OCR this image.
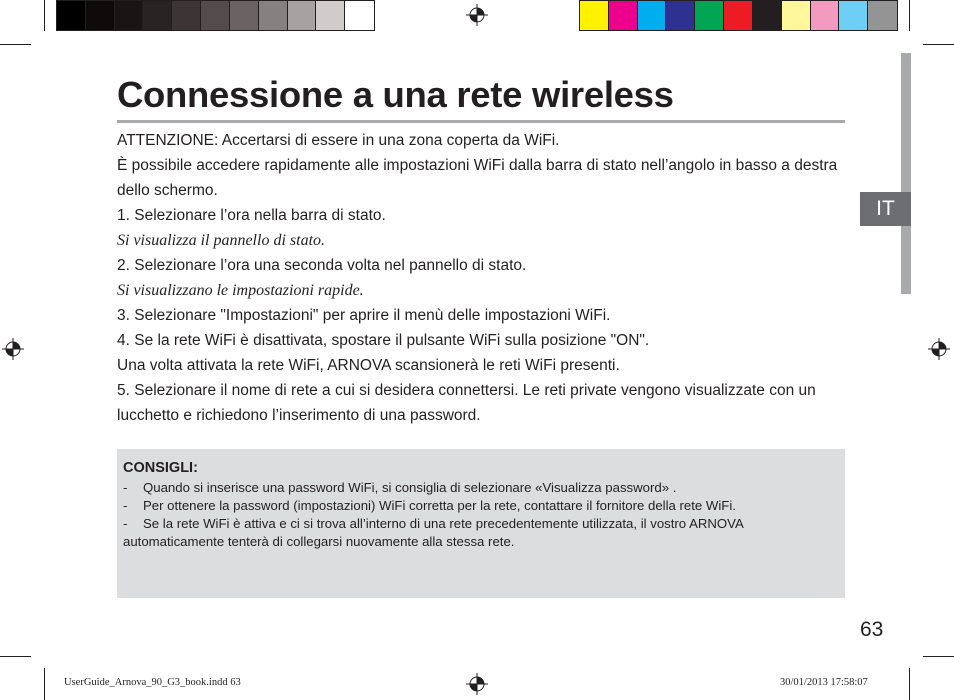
IT
Connessione a una rete wireless

ATTENZIONE: Accertarsi di essere in una zona coperta da WiFi.

È possibile accedere rapidamente alle impostazioni WiFi dalla barra di stato nell’angolo in basso a destra dello schermo.

1. Selezionare l’ora nella barra di stato.

Si visualizza il pannello di stato.

2. Selezionare l’ora una seconda volta nel pannello di stato.

Si visualizzano le impostazioni rapide.

3. Selezionare "Impostazioni" per aprire il menù delle impostazioni WiFi.

4. Se la rete WiFi è disattivata, spostare il pulsante WiFi sulla posizione "ON".

Una volta attivata la rete WiFi, ARNOVA scansionerà le reti WiFi presenti.

5. Selezionare il nome di rete a cui si desidera connettersi. Le reti private vengono visualizzate con un lucchetto e richiedono l’inserimento di una password.

CONSIGLI:
- Quando si inserisce una password WiFi, si consiglia di selezionare «Visualizza password» .
- Per ottenere la password (impostazioni) WiFi corretta per la rete, contattare il fornitore della rete WiFi.
- Se la rete WiFi è attiva e ci si trova all’interno di una rete precedentemente utilizzata, il vostro ARNOVA
automaticamente tenterà di collegarsi nuovamente alla stessa rete.
63
UserGuide_Arnova_90_G3_book.indd 63	30/01/2013 17:58:07
